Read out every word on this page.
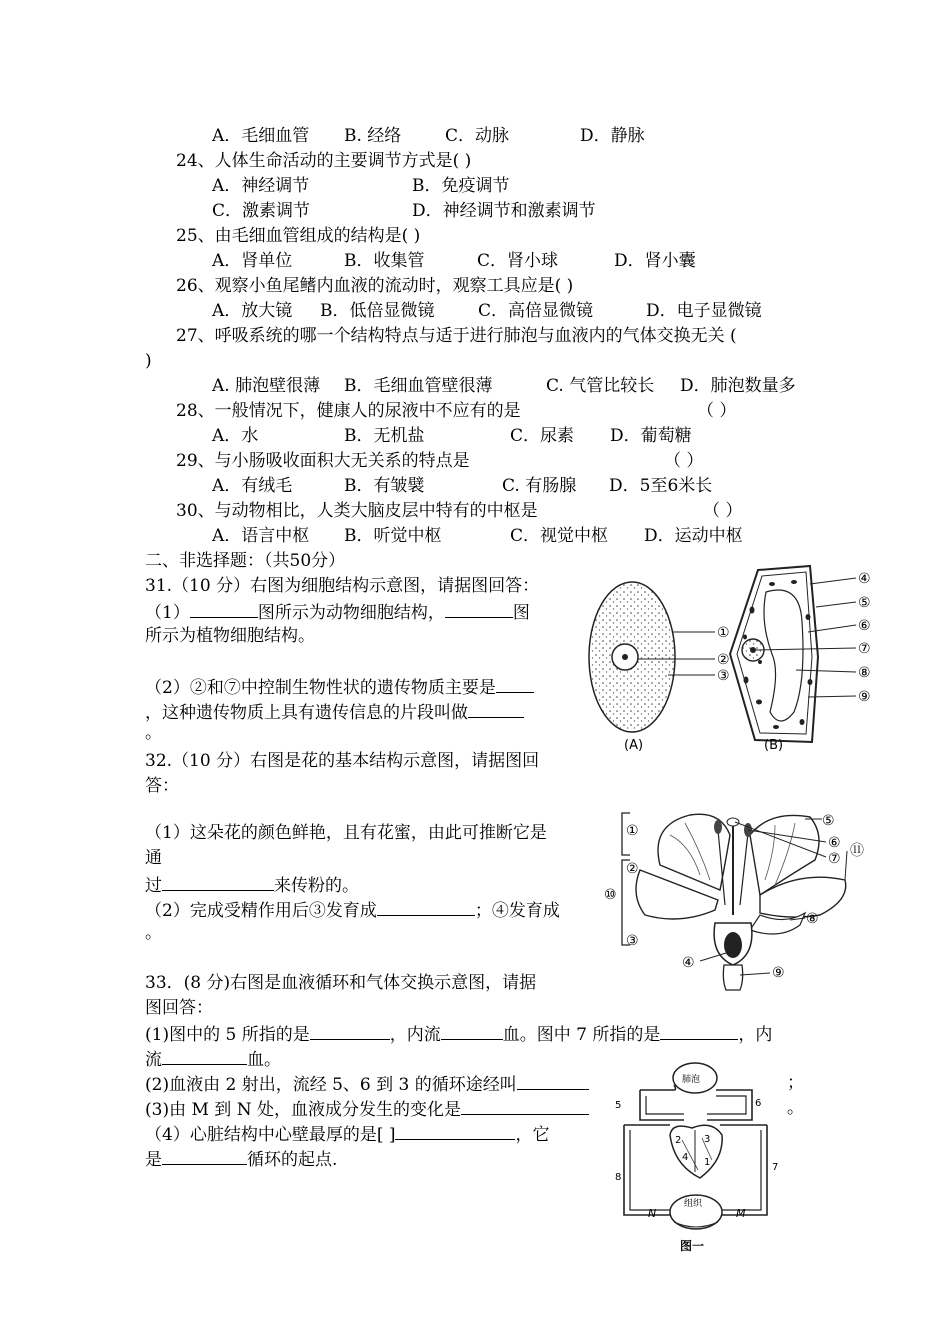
A．毛细血管 B. 经络	C．动脉	D．静脉
24、人体生命活动的主要调节方式是( )
A．神经调节	B．免疫调节
C．激素调节	D．神经调节和激素调节
25、由毛细血管组成的结构是( )
A．肾单位	B．收集管	C．肾小球	D．肾小囊
26、观察小鱼尾鳍内血液的流动时，观察工具应是( )
A．放大镜 B．低倍显微镜	C．高倍显微镜	D．电子显微镜
27、呼吸系统的哪一个结构特点与适于进行肺泡与血液内的气体交换无关 (
)
A. 肺泡壁很薄 B．毛细血管壁很薄	C. 气管比较长 D．肺泡数量多
28、一般情况下，健康人的尿液中不应有的是	（ ）
A．水	B．无机盐	C．尿素 D．葡萄糖
29、与小肠吸收面积大无关系的特点是	（ ）
A．有绒毛	B．有皱襞	C. 有肠腺 D．5至6米长
30、与动物相比，人类大脑皮层中特有的中枢是	（ ）
A．语言中枢 B．听觉中枢	C．视觉中枢 D．运动中枢
二、非选择题：（共50分）
31.（10 分）右图为细胞结构示意图，请据图回答：
（1）	图所示为动物细胞结构，	图
所示为植物细胞结构。
（2）②和⑦中控制生物性状的遗传物质主要是
，这种遗传物质上具有遗传信息的片段叫做
。
①
②
③
(A)
④
⑤
⑥
⑦
⑧
⑨
(B)
32.（10 分）右图是花的基本结构示意图，请据图回
答：
（1）这朵花的颜色鲜艳，且有花蜜，由此可推断它是
通
过	来传粉的。
（2）完成受精作用后③发育成	；④发育成
。
①
②
⑩
③
④
⑤
⑥
⑦ ⑪
⑧
⑨
33．(8 分)右图是血液循环和气体交换示意图，请据
图回答：
(1)图中的 5 所指的是	，内流	血。图中 7 所指的是	，内
流	血。
(2)血液由 2 射出，流经 5、6 到 3 的循环途经叫	；
(3)由 M 到 N 处，血液成分发生的变化是	。
（4）心脏结构中心壁最厚的是[ ]	，它
是	循环的起点.
肺泡
组织
5	6
3
2
1
4
7
8
N	M
图一
